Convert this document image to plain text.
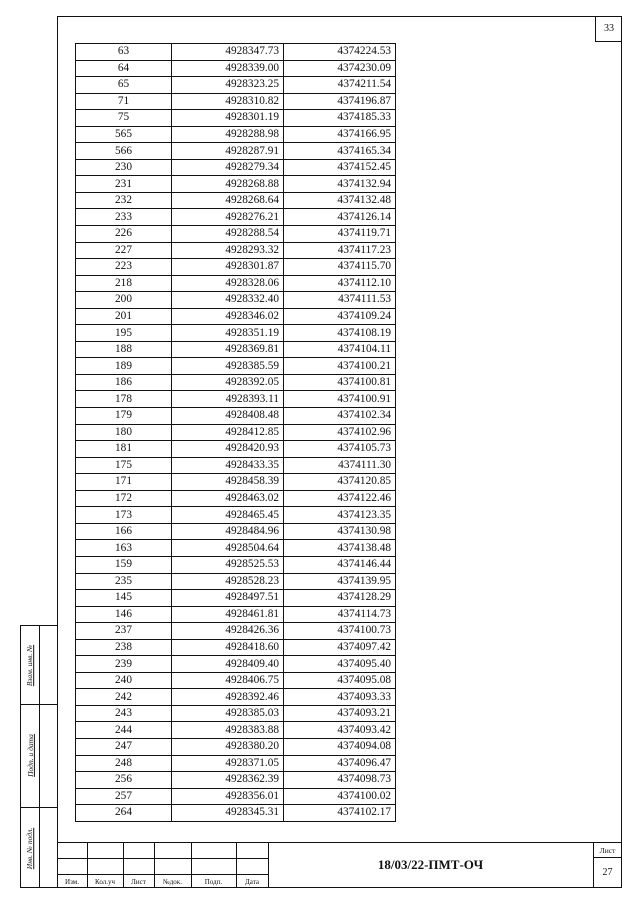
33
63	4928347.73	4374224.53
64	4928339.00	4374230.09
65	4928323.25	4374211.54
71	4928310.82	4374196.87
75	4928301.19	4374185.33
565	4928288.98	4374166.95
566	4928287.91	4374165.34
230	4928279.34	4374152.45
231	4928268.88	4374132.94
232	4928268.64	4374132.48
233	4928276.21	4374126.14
226	4928288.54	4374119.71
227	4928293.32	4374117.23
223	4928301.87	4374115.70
218	4928328.06	4374112.10
200	4928332.40	4374111.53
201	4928346.02	4374109.24
195	4928351.19	4374108.19
188	4928369.81	4374104.11
189	4928385.59	4374100.21
186	4928392.05	4374100.81
178	4928393.11	4374100.91
179	4928408.48	4374102.34
180	4928412.85	4374102.96
181	4928420.93	4374105.73
175	4928433.35	4374111.30
171	4928458.39	4374120.85
172	4928463.02	4374122.46
173	4928465.45	4374123.35
166	4928484.96	4374130.98
163	4928504.64	4374138.48
159	4928525.53	4374146.44
235	4928528.23	4374139.95
145	4928497.51	4374128.29
146	4928461.81	4374114.73
237	4928426.36	4374100.73
238	4928418.60	4374097.42
239	4928409.40	4374095.40
240	4928406.75	4374095.08
242	4928392.46	4374093.33
243	4928385.03	4374093.21
244	4928383.88	4374093.42
247	4928380.20	4374094.08
248	4928371.05	4374096.47
256	4928362.39	4374098.73
257	4928356.01	4374100.02
264	4928345.31	4374102.17
Взам. инв. №
Подп. и дата
Инв. № подл.
Изм.	Кол.уч	Лист	№док.	Подп.	Дата
18/03/22-ПМТ-ОЧ
Лист
27
